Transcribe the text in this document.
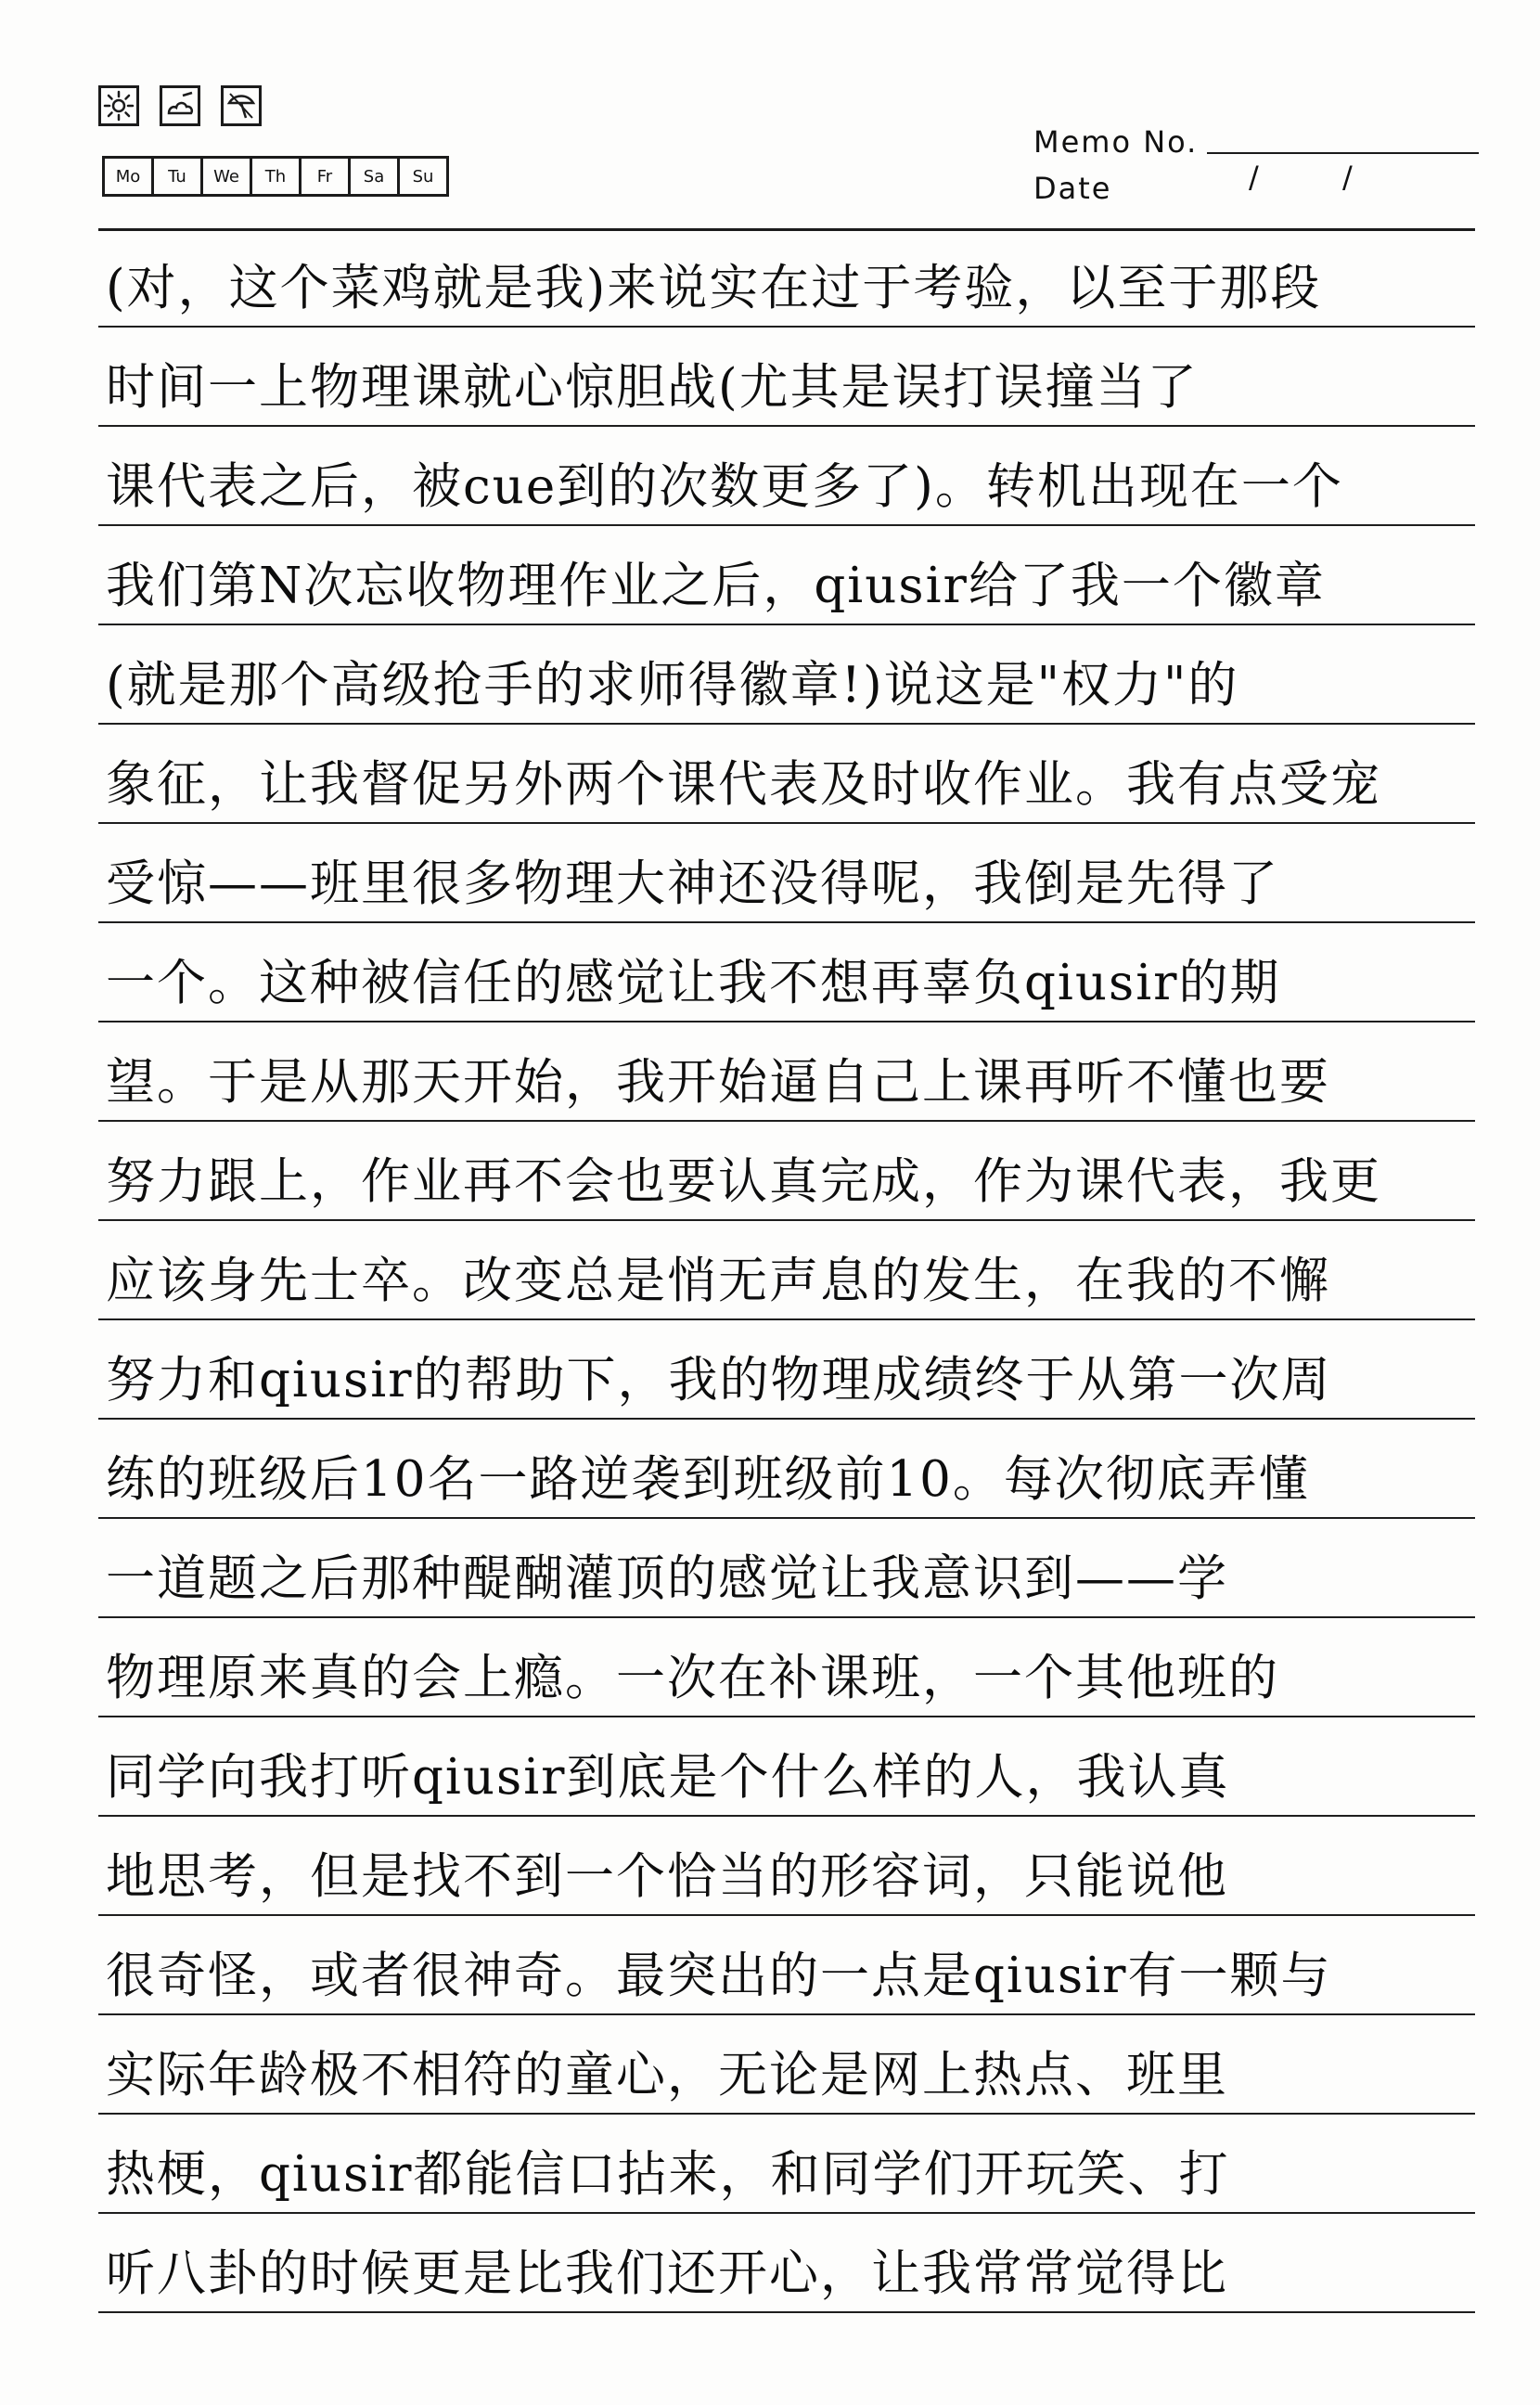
Mo	Tu	We	Th	Fr	Sa	Su
Memo No.
Date	/ /
(对，这个菜鸡就是我)来说实在过于考验，以至于那段
时间一上物理课就心惊胆战(尤其是误打误撞当了
课代表之后，被cue到的次数更多了)。转机出现在一个
我们第N次忘收物理作业之后，qiusir给了我一个徽章
(就是那个高级抢手的求师得徽章!)说这是"权力"的
象征，让我督促另外两个课代表及时收作业。我有点受宠
受惊——班里很多物理大神还没得呢，我倒是先得了
一个。这种被信任的感觉让我不想再辜负qiusir的期
望。于是从那天开始，我开始逼自己上课再听不懂也要
努力跟上，作业再不会也要认真完成，作为课代表，我更
应该身先士卒。改变总是悄无声息的发生，在我的不懈
努力和qiusir的帮助下，我的物理成绩终于从第一次周
练的班级后10名一路逆袭到班级前10。每次彻底弄懂
一道题之后那种醍醐灌顶的感觉让我意识到——学
物理原来真的会上瘾。一次在补课班，一个其他班的
同学向我打听qiusir到底是个什么样的人，我认真
地思考，但是找不到一个恰当的形容词，只能说他
很奇怪，或者很神奇。最突出的一点是qiusir有一颗与
实际年龄极不相符的童心，无论是网上热点、班里
热梗，qiusir都能信口拈来，和同学们开玩笑、打
听八卦的时候更是比我们还开心，让我常常觉得比
